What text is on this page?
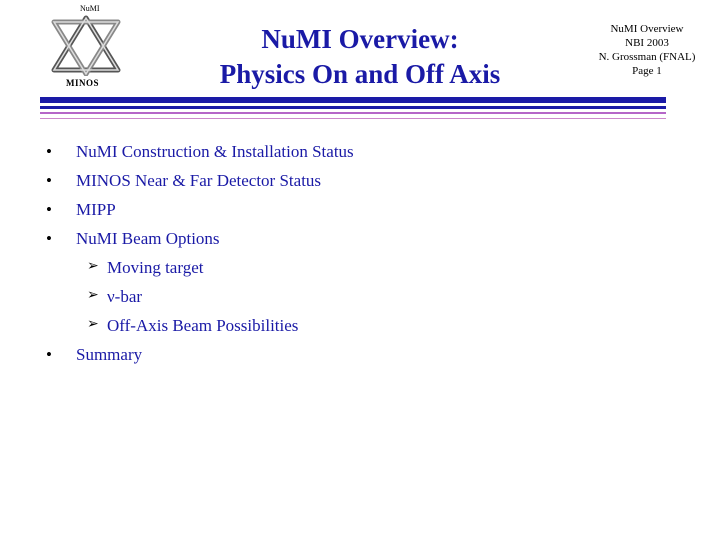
NuMI
MINOS
NuMI Overview:
Physics On and Off Axis
NuMI Overview
NBI 2003
N. Grossman (FNAL)
Page 1
• NuMI Construction & Installation Status
• MINOS Near & Far Detector Status
• MIPP
• NuMI Beam Options
➢ Moving target
➢ ν-bar
➢ Off-Axis Beam Possibilities
• Summary
